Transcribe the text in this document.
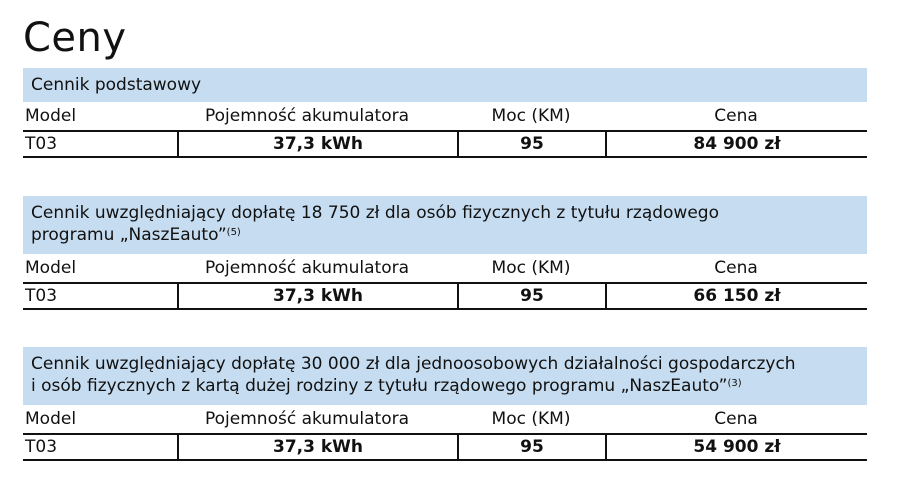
Ceny
Cennik podstawowy
Model	Pojemność akumulatora	Moc (KM)	Cena
T03	37,3 kWh	95	84 900 zł
Cennik uwzględniający dopłatę 18 750 zł dla osób fizycznych z tytułu rządowego
programu „NaszEauto”$^{(5)}$
Model	Pojemność akumulatora	Moc (KM)	Cena
T03	37,3 kWh	95	66 150 zł
Cennik uwzględniający dopłatę 30 000 zł dla jednoosobowych działalności gospodarczych
i osób fizycznych z kartą dużej rodziny z tytułu rządowego programu „NaszEauto”$^{(3)}$
Model	Pojemność akumulatora	Moc (KM)	Cena
T03	37,3 kWh	95	54 900 zł
